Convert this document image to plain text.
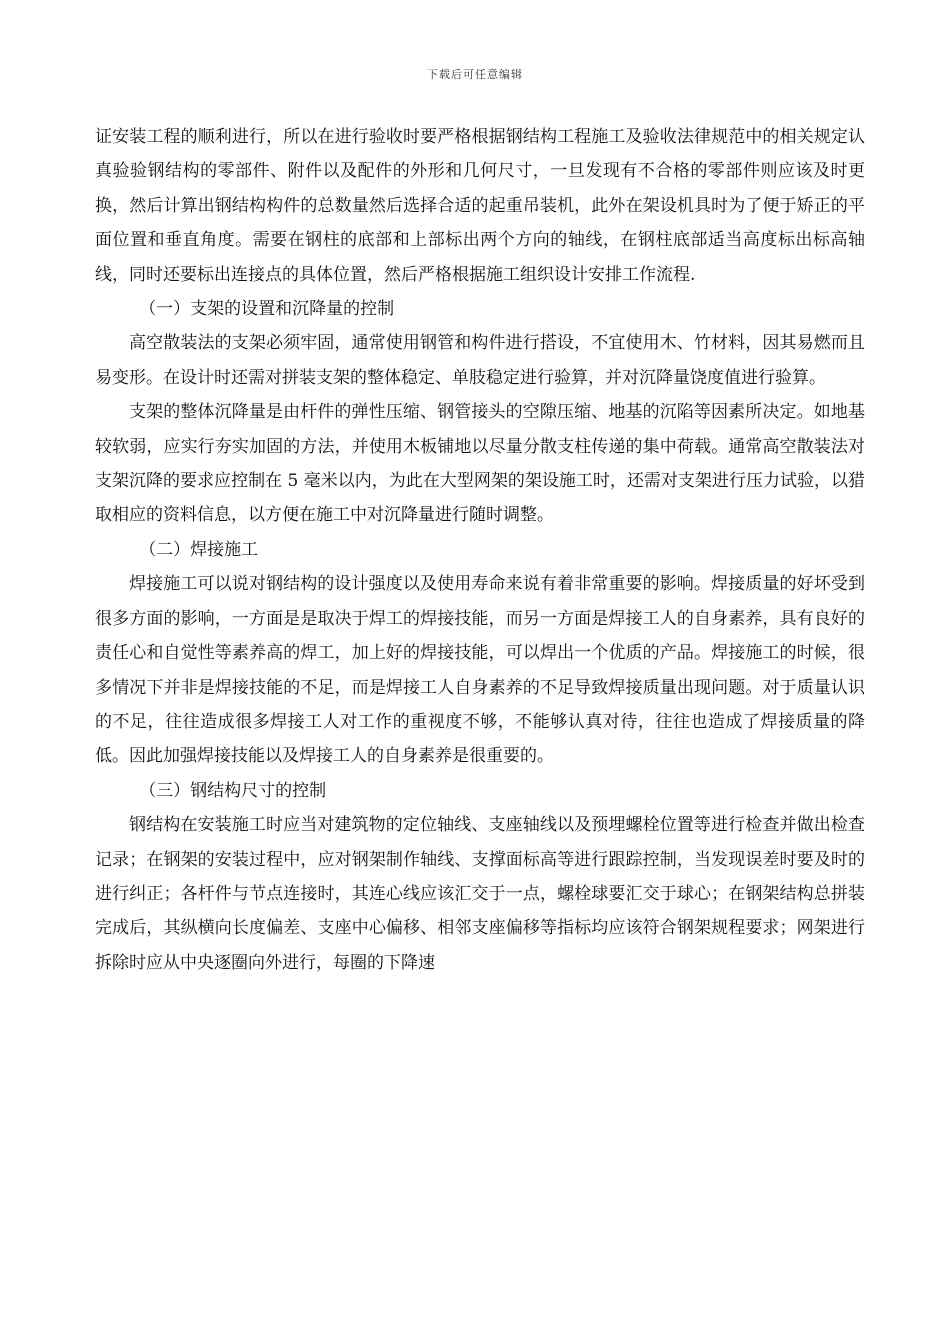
下载后可任意编辑

证安装工程的顺利进行，所以在进行验收时要严格根据钢结构工程施工及验收法律规范中的相关规定认真验验钢结构的零部件、附件以及配件的外形和几何尺寸，一旦发现有不合格的零部件则应该及时更换，然后计算出钢结构构件的总数量然后选择合适的起重吊装机，此外在架设机具时为了便于矫正的平面位置和垂直角度。需要在钢柱的底部和上部标出两个方向的轴线，在钢柱底部适当高度标出标高轴线，同时还要标出连接点的具体位置，然后严格根据施工组织设计安排工作流程.

（一）支架的设置和沉降量的控制

高空散装法的支架必须牢固，通常使用钢管和构件进行搭设，不宜使用木、竹材料，因其易燃而且易变形。在设计时还需对拼装支架的整体稳定、单肢稳定进行验算，并对沉降量饶度值进行验算。

支架的整体沉降量是由杆件的弹性压缩、钢管接头的空隙压缩、地基的沉陷等因素所决定。如地基较软弱，应实行夯实加固的方法，并使用木板铺地以尽量分散支柱传递的集中荷载。通常高空散装法对支架沉降的要求应控制在 5 毫米以内，为此在大型网架的架设施工时，还需对支架进行压力试验，以猎取相应的资料信息，以方便在施工中对沉降量进行随时调整。

（二）焊接施工

焊接施工可以说对钢结构的设计强度以及使用寿命来说有着非常重要的影响。焊接质量的好坏受到很多方面的影响，一方面是是取决于焊工的焊接技能，而另一方面是焊接工人的自身素养，具有良好的责任心和自觉性等素养高的焊工，加上好的焊接技能，可以焊出一个优质的产品。焊接施工的时候，很多情况下并非是焊接技能的不足，而是焊接工人自身素养的不足导致焊接质量出现问题。对于质量认识的不足，往往造成很多焊接工人对工作的重视度不够，不能够认真对待，往往也造成了焊接质量的降低。因此加强焊接技能以及焊接工人的自身素养是很重要的。

（三）钢结构尺寸的控制

钢结构在安装施工时应当对建筑物的定位轴线、支座轴线以及预埋螺栓位置等进行检查并做出检查记录；在钢架的安装过程中，应对钢架制作轴线、支撑面标高等进行跟踪控制，当发现误差时要及时的进行纠正；各杆件与节点连接时，其连心线应该汇交于一点，螺栓球要汇交于球心；在钢架结构总拼装完成后，其纵横向长度偏差、支座中心偏移、相邻支座偏移等指标均应该符合钢架规程要求；网架进行拆除时应从中央逐圈向外进行，每圈的下降速
